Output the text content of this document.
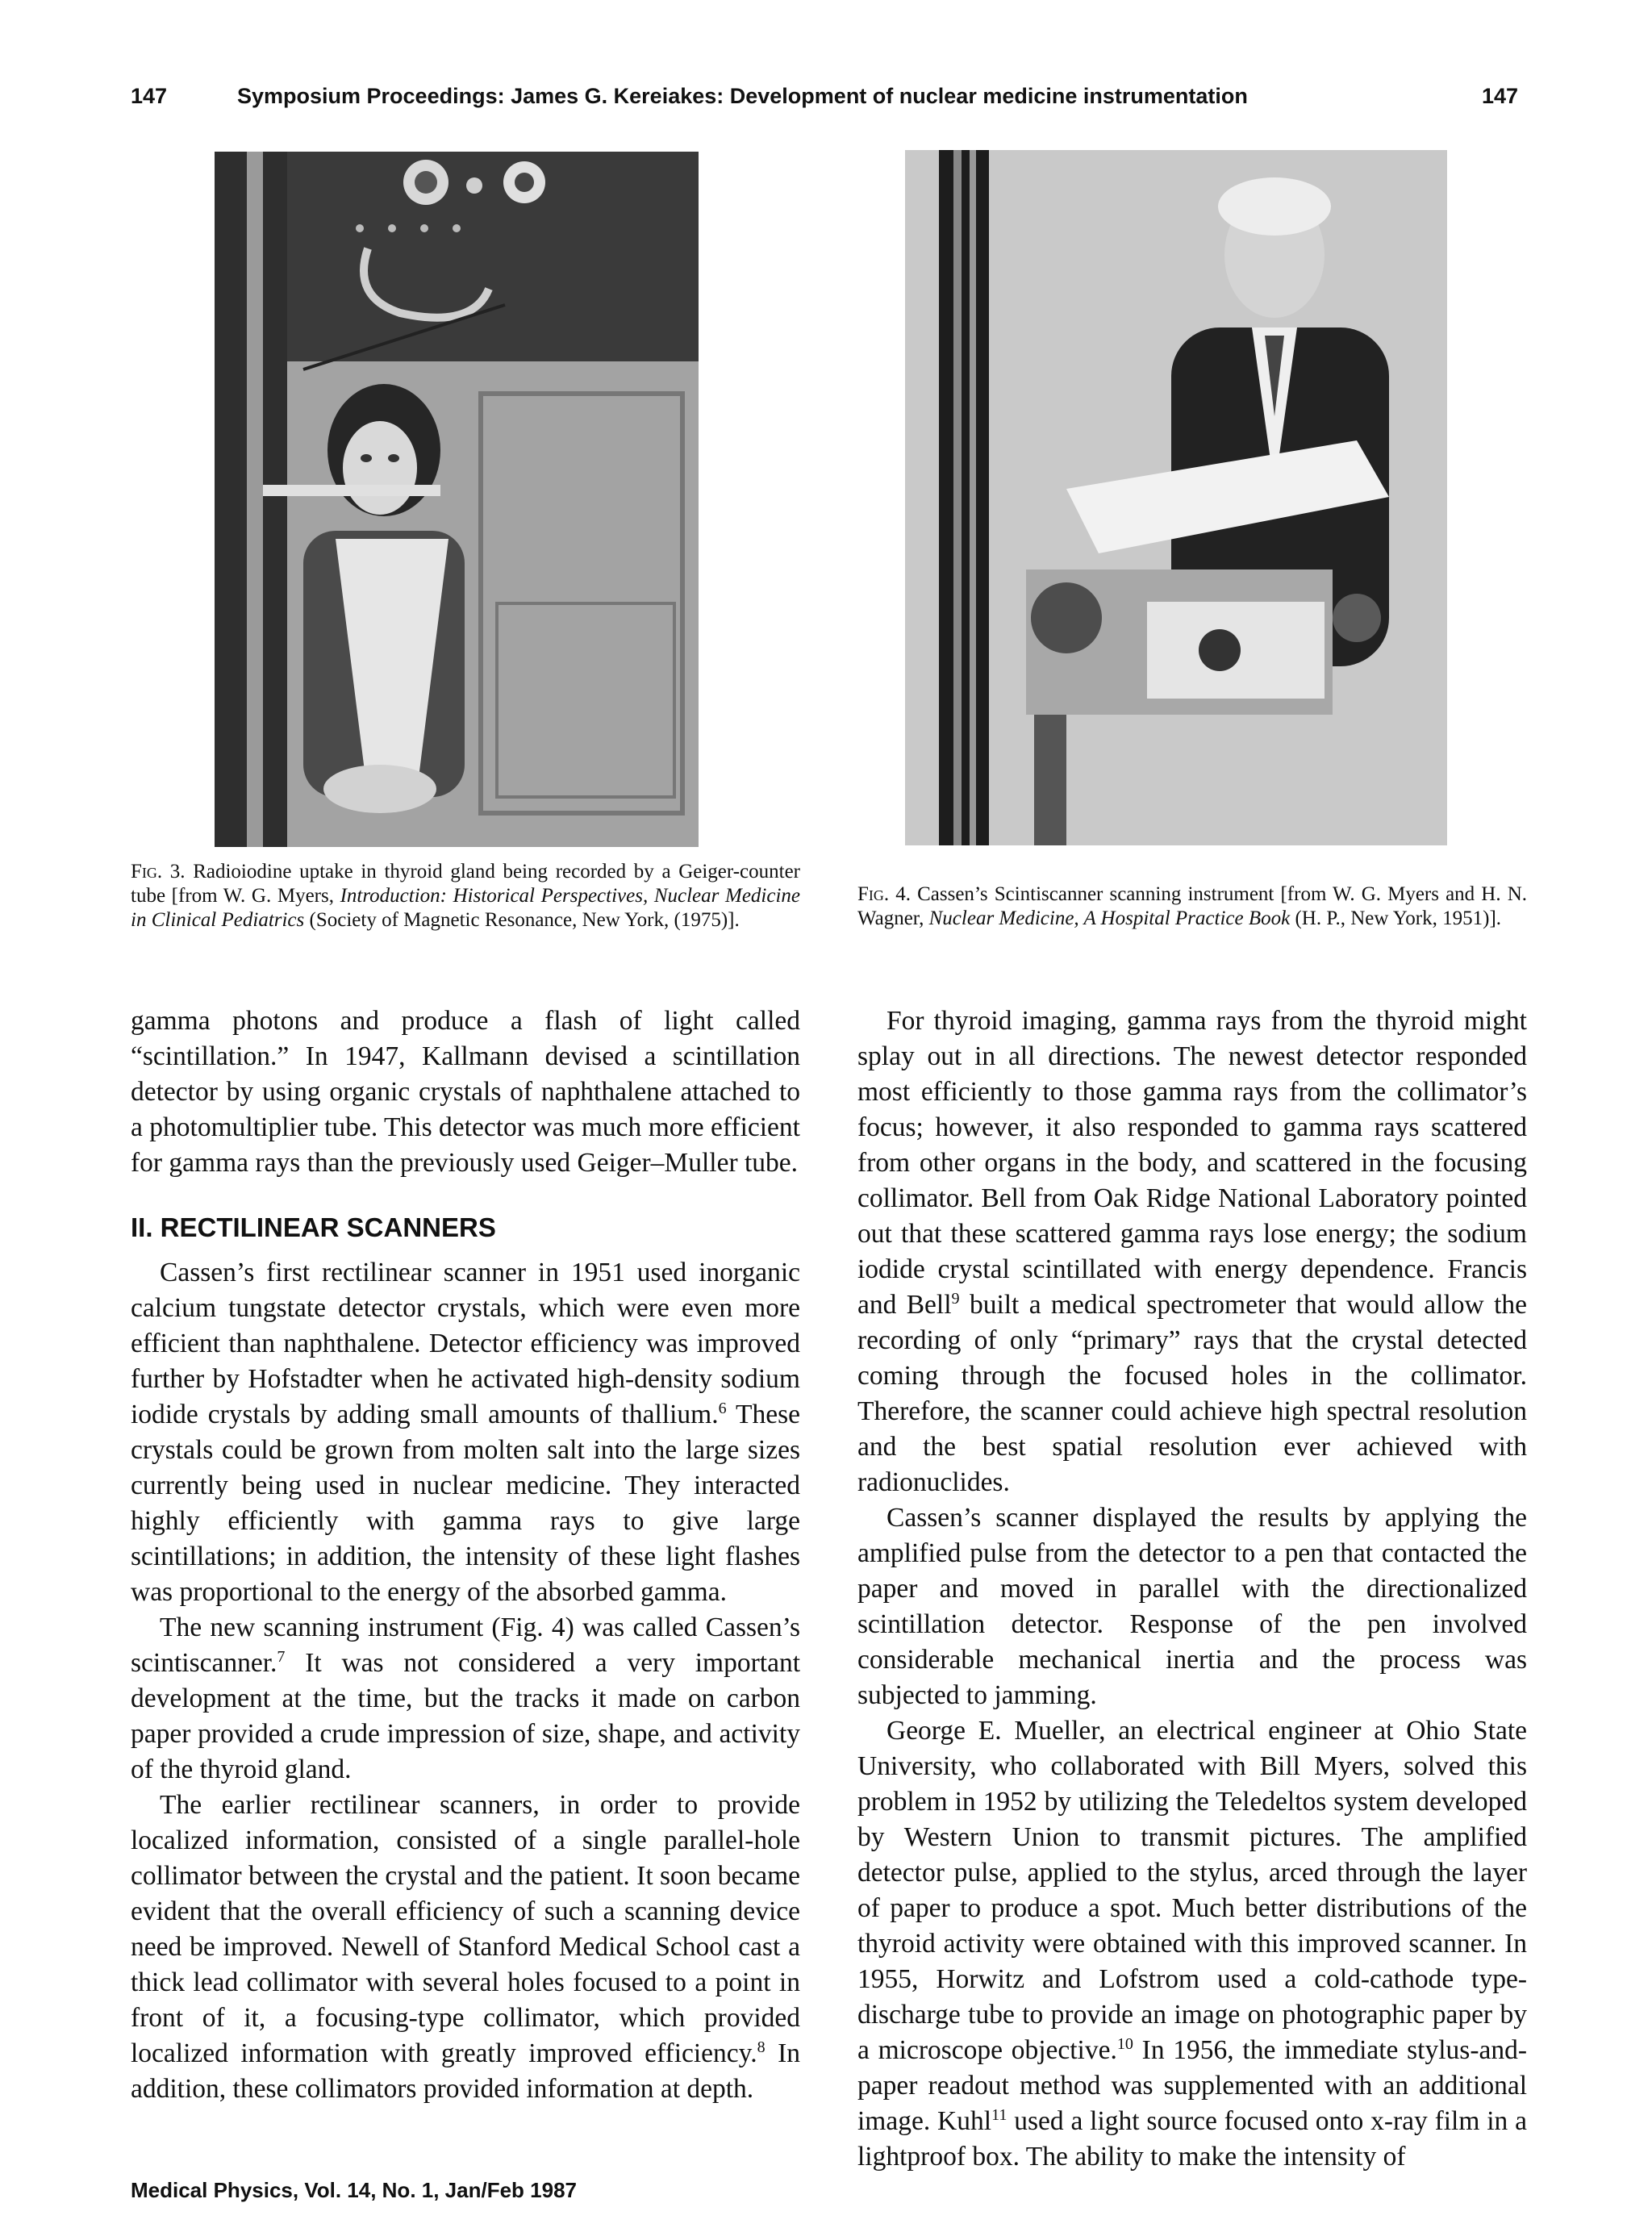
147	Symposium Proceedings: James G. Kereiakes: Development of nuclear medicine instrumentation	147
Fig. 3. Radioiodine uptake in thyroid gland being recorded by a Geiger-counter tube [from W. G. Myers, Introduction: Historical Perspectives, Nuclear Medicine in Clinical Pediatrics (Society of Magnetic Resonance, New York, (1975)].
Fig. 4. Cassen’s Scintiscanner scanning instrument [from W. G. Myers and H. N. Wagner, Nuclear Medicine, A Hospital Practice Book (H. P., New York, 1951)].

gamma photons and produce a flash of light called “scintillation.” In 1947, Kallmann devised a scintillation detector by using organic crystals of naphthalene attached to a photomultiplier tube. This detector was much more efficient for gamma rays than the previously used Geiger–Muller tube.

II. RECTILINEAR SCANNERS

Cassen’s first rectilinear scanner in 1951 used inorganic calcium tungstate detector crystals, which were even more efficient than naphthalene. Detector efficiency was improved further by Hofstadter when he activated high-density sodium iodide crystals by adding small amounts of thallium.$^6$ These crystals could be grown from molten salt into the large sizes currently being used in nuclear medicine. They interacted highly efficiently with gamma rays to give large scintillations; in addition, the intensity of these light flashes was proportional to the energy of the absorbed gamma.

The new scanning instrument (Fig. 4) was called Cassen’s scintiscanner.$^7$ It was not considered a very important development at the time, but the tracks it made on carbon paper provided a crude impression of size, shape, and activity of the thyroid gland.

The earlier rectilinear scanners, in order to provide localized information, consisted of a single parallel-hole collimator between the crystal and the patient. It soon became evident that the overall efficiency of such a scanning device need be improved. Newell of Stanford Medical School cast a thick lead collimator with several holes focused to a point in front of it, a focusing-type collimator, which provided localized information with greatly improved efficiency.$^8$ In addition, these collimators provided information at depth.

For thyroid imaging, gamma rays from the thyroid might splay out in all directions. The newest detector responded most efficiently to those gamma rays from the collimator’s focus; however, it also responded to gamma rays scattered from other organs in the body, and scattered in the focusing collimator. Bell from Oak Ridge National Laboratory pointed out that these scattered gamma rays lose energy; the sodium iodide crystal scintillated with energy dependence. Francis and Bell$^9$ built a medical spectrometer that would allow the recording of only “primary” rays that the crystal detected coming through the focused holes in the collimator. Therefore, the scanner could achieve high spectral resolution and the best spatial resolution ever achieved with radionuclides.

Cassen’s scanner displayed the results by applying the amplified pulse from the detector to a pen that contacted the paper and moved in parallel with the directionalized scintillation detector. Response of the pen involved considerable mechanical inertia and the process was subjected to jamming.

George E. Mueller, an electrical engineer at Ohio State University, who collaborated with Bill Myers, solved this problem in 1952 by utilizing the Teledeltos system developed by Western Union to transmit pictures. The amplified detector pulse, applied to the stylus, arced through the layer of paper to produce a spot. Much better distributions of the thyroid activity were obtained with this improved scanner. In 1955, Horwitz and Lofstrom used a cold-cathode type-discharge tube to provide an image on photographic paper by a microscope objective.$^{10}$ In 1956, the immediate stylus-and-paper readout method was supplemented with an additional image. Kuhl$^{11}$ used a light source focused onto x-ray film in a lightproof box. The ability to make the intensity of

Medical Physics, Vol. 14, No. 1, Jan/Feb 1987
